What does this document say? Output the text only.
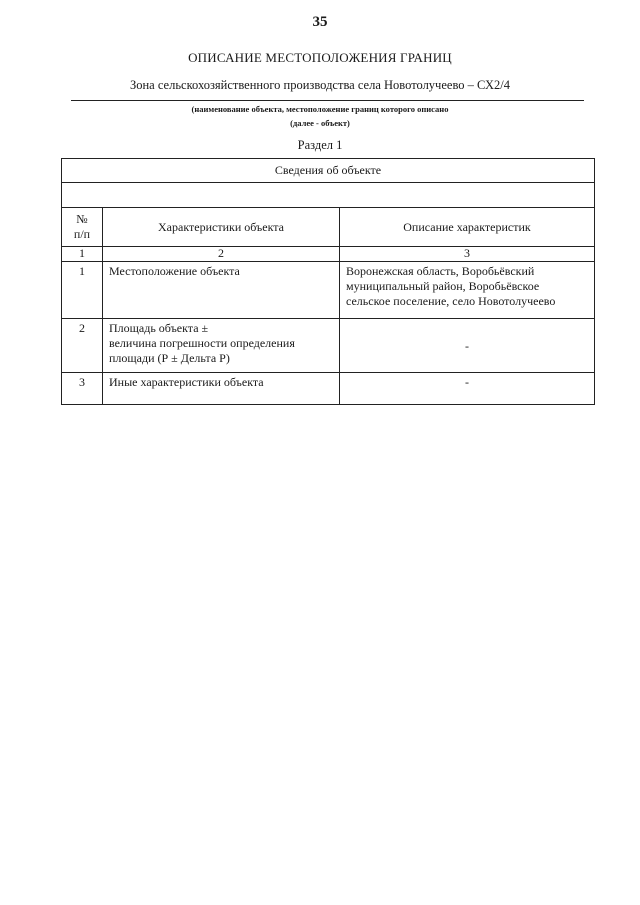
35
ОПИСАНИЕ МЕСТОПОЛОЖЕНИЯ ГРАНИЦ
Зона сельскохозяйственного производства села Новотолучеево – СХ2/4
(наименование объекта, местоположение границ которого описано
(далее - объект)
Раздел 1
Сведения об объекте		

№
п/п	Характеристики объекта	Описание характеристик
1	2	3
1	Местоположение объекта	Воронежская область, Воробьёвский
муниципальный район, Воробьёвское
сельское поселение, село Новотолучеево

2	Площадь объекта ±
величина погрешности определения
площади (Р ± Дельта Р)	-

3	Иные характеристики объекта	-
